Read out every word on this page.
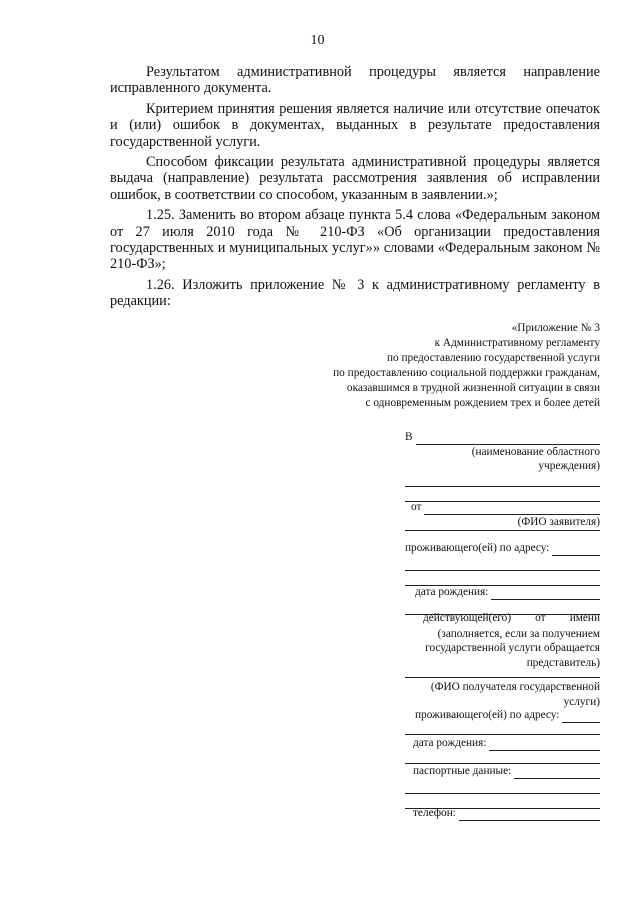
10

Результатом административной процедуры является направление исправленного документа.

Критерием принятия решения является наличие или отсутствие опечаток и (или) ошибок в документах, выданных в результате предоставления государственной услуги.

Способом фиксации результата административной процедуры является выдача (направление) результата рассмотрения заявления об исправлении ошибок, в соответствии со способом, указанным в заявлении.»;

1.25. Заменить во втором абзаце пункта 5.4 слова «Федеральным законом от 27 июля 2010 года № 210-ФЗ «Об организации предоставления государственных и муниципальных услуг»» словами «Федеральным законом № 210-ФЗ»;

1.26. Изложить приложение № 3 к административному регламенту в редакции:

«Приложение № 3
к Административному регламенту
по предоставлению государственной услуги
по предоставлению социальной поддержки гражданам,
оказавшимся в трудной жизненной ситуации в связи
с одновременным рождением трех и более детей
В
(наименование областного учреждения)
от
(ФИО заявителя)
проживающего(ей) по адресу:
дата рождения:
действующей(его) от имени
(заполняется, если за получением государственной услуги обращается представитель)
(ФИО получателя государственной услуги)
проживающего(ей) по адресу:
дата рождения:
паспортные данные:
телефон:
